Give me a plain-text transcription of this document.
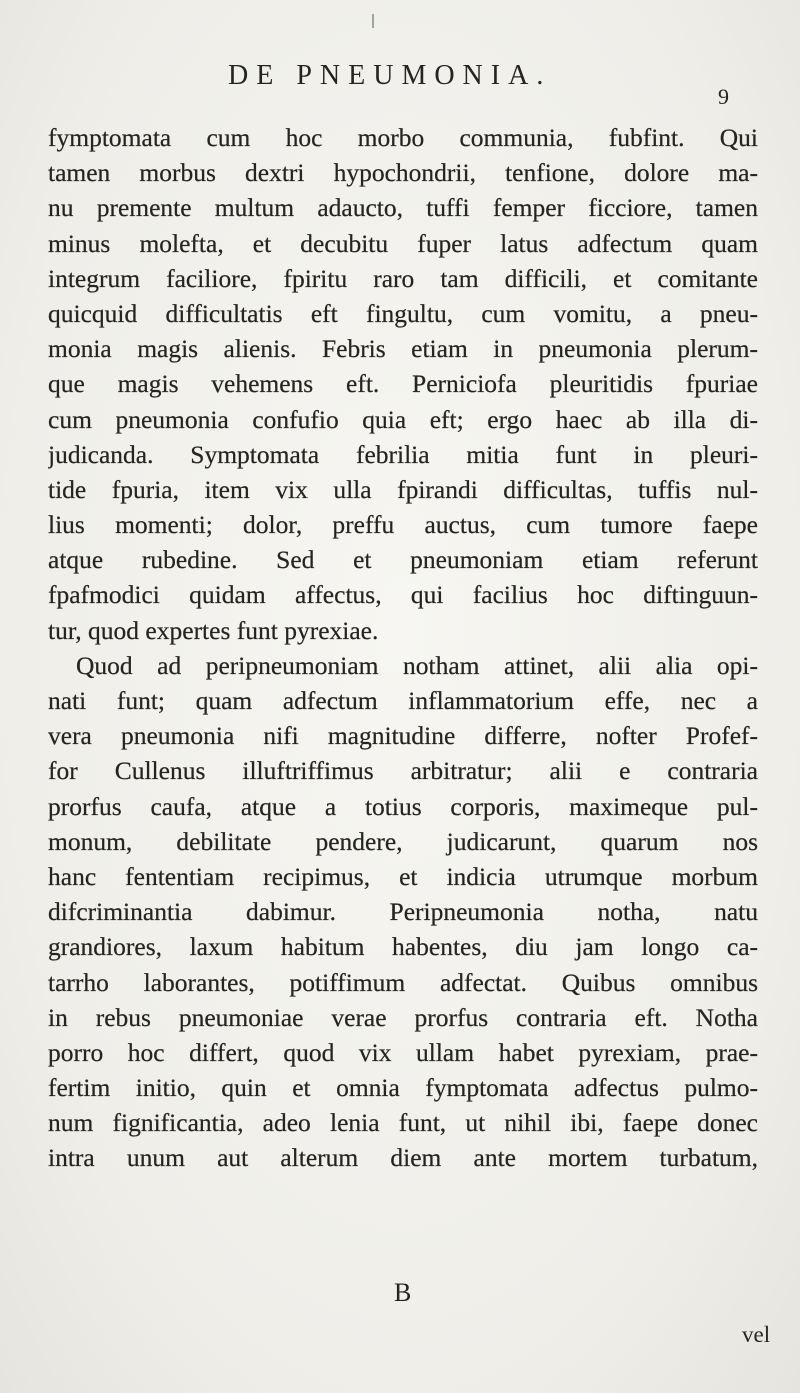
DE PNEUMONIA.
9
fymptomata cum hoc morbo communia, fubfint. Qui
tamen morbus dextri hypochondrii, tenfione, dolore ma-
nu premente multum adaucto, tuffi femper ficciore, tamen
minus molefta, et decubitu fuper latus adfectum quam
integrum faciliore, fpiritu raro tam difficili, et comitante
quicquid difficultatis eft fingultu, cum vomitu, a pneu-
monia magis alienis. Febris etiam in pneumonia plerum-
que magis vehemens eft. Perniciofa pleuritidis fpuriae
cum pneumonia confufio quia eft; ergo haec ab illa di-
judicanda. Symptomata febrilia mitia funt in pleuri-
tide fpuria, item vix ulla fpirandi difficultas, tuffis nul-
lius momenti; dolor, preffu auctus, cum tumore faepe
atque rubedine. Sed et pneumoniam etiam referunt
fpafmodici quidam affectus, qui facilius hoc diftinguun-
tur, quod expertes funt pyrexiae.
Quod ad peripneumoniam notham attinet, alii alia opi-
nati funt; quam adfectum inflammatorium effe, nec a
vera pneumonia nifi magnitudine differre, nofter Profef-
for Cullenus illuftriffimus arbitratur; alii e contraria
prorfus caufa, atque a totius corporis, maximeque pul-
monum, debilitate pendere, judicarunt, quarum nos
hanc fententiam recipimus, et indicia utrumque morbum
difcriminantia dabimur. Peripneumonia notha, natu
grandiores, laxum habitum habentes, diu jam longo ca-
tarrho laborantes, potiffimum adfectat. Quibus omnibus
in rebus pneumoniae verae prorfus contraria eft. Notha
porro hoc differt, quod vix ullam habet pyrexiam, prae-
fertim initio, quin et omnia fymptomata adfectus pulmo-
num fignificantia, adeo lenia funt, ut nihil ibi, faepe donec
intra unum aut alterum diem ante mortem turbatum,
B
vel
